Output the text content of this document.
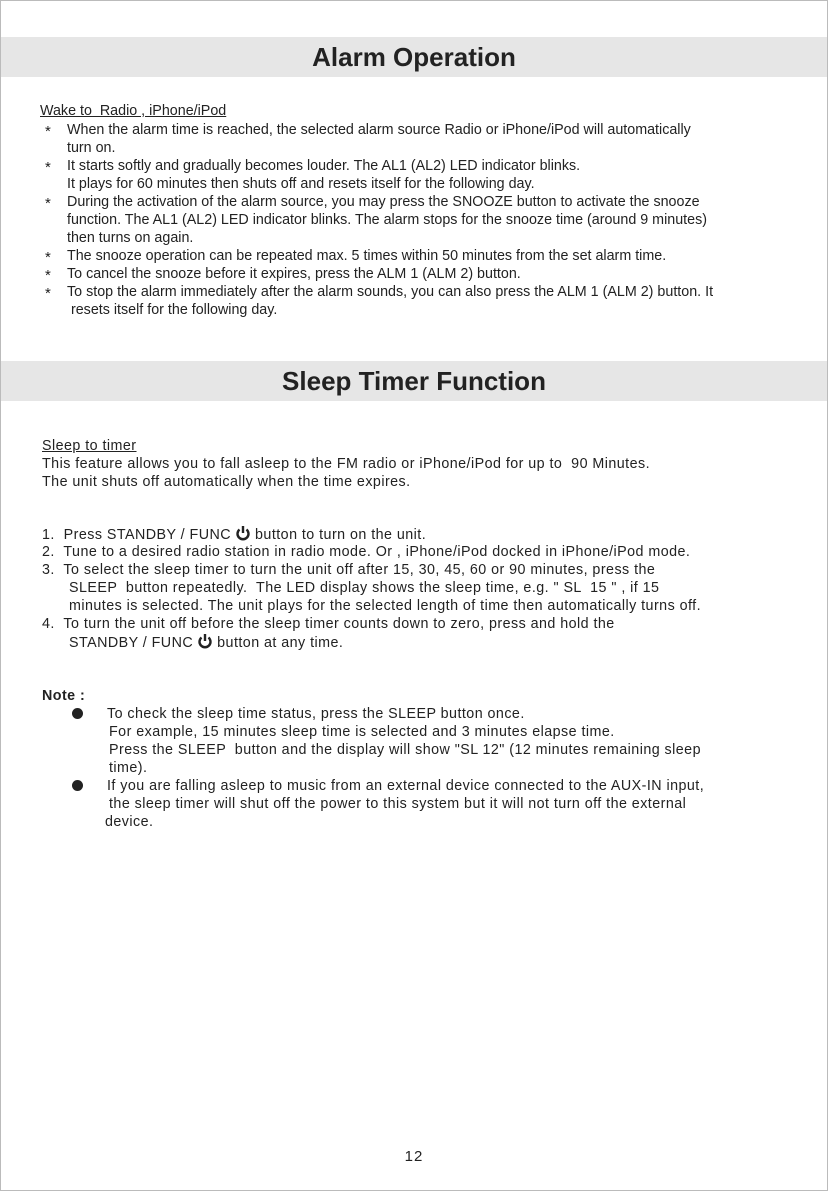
Alarm Operation
Wake to  Radio , iPhone/iPod
* When the alarm time is reached, the selected alarm source Radio or iPhone/iPod will automatically
turn on.
* It starts softly and gradually becomes louder. The AL1 (AL2) LED indicator blinks.
It plays for 60 minutes then shuts off and resets itself for the following day.
* During the activation of the alarm source, you may press the SNOOZE button to activate the snooze
function. The AL1 (AL2) LED indicator blinks. The alarm stops for the snooze time (around 9 minutes)
then turns on again.
* The snooze operation can be repeated max. 5 times within 50 minutes from the set alarm time.
* To cancel the snooze before it expires, press the ALM 1 (ALM 2) button.
* To stop the alarm immediately after the alarm sounds, you can also press the ALM 1 (ALM 2) button. It
resets itself for the following day.
Sleep Timer Function
Sleep to timer
This feature allows you to fall asleep to the FM radio or iPhone/iPod for up to  90 Minutes.
The unit shuts off automatically when the time expires.
1.  Press STANDBY / FUNC button to turn on the unit.
2.  Tune to a desired radio station in radio mode. Or , iPhone/iPod docked in iPhone/iPod mode.
3.  To select the sleep timer to turn the unit off after 15, 30, 45, 60 or 90 minutes, press the
SLEEP  button repeatedly.  The LED display shows the sleep time, e.g. " SL  15 " , if 15
minutes is selected. The unit plays for the selected length of time then automatically turns off.
4.  To turn the unit off before the sleep timer counts down to zero, press and hold the
STANDBY / FUNC button at any time.
Note :
To check the sleep time status, press the SLEEP button once.
For example, 15 minutes sleep time is selected and 3 minutes elapse time.
Press the SLEEP  button and the display will show "SL 12" (12 minutes remaining sleep
time).
If you are falling asleep to music from an external device connected to the AUX-IN input,
the sleep timer will shut off the power to this system but it will not turn off the external
device.
12
